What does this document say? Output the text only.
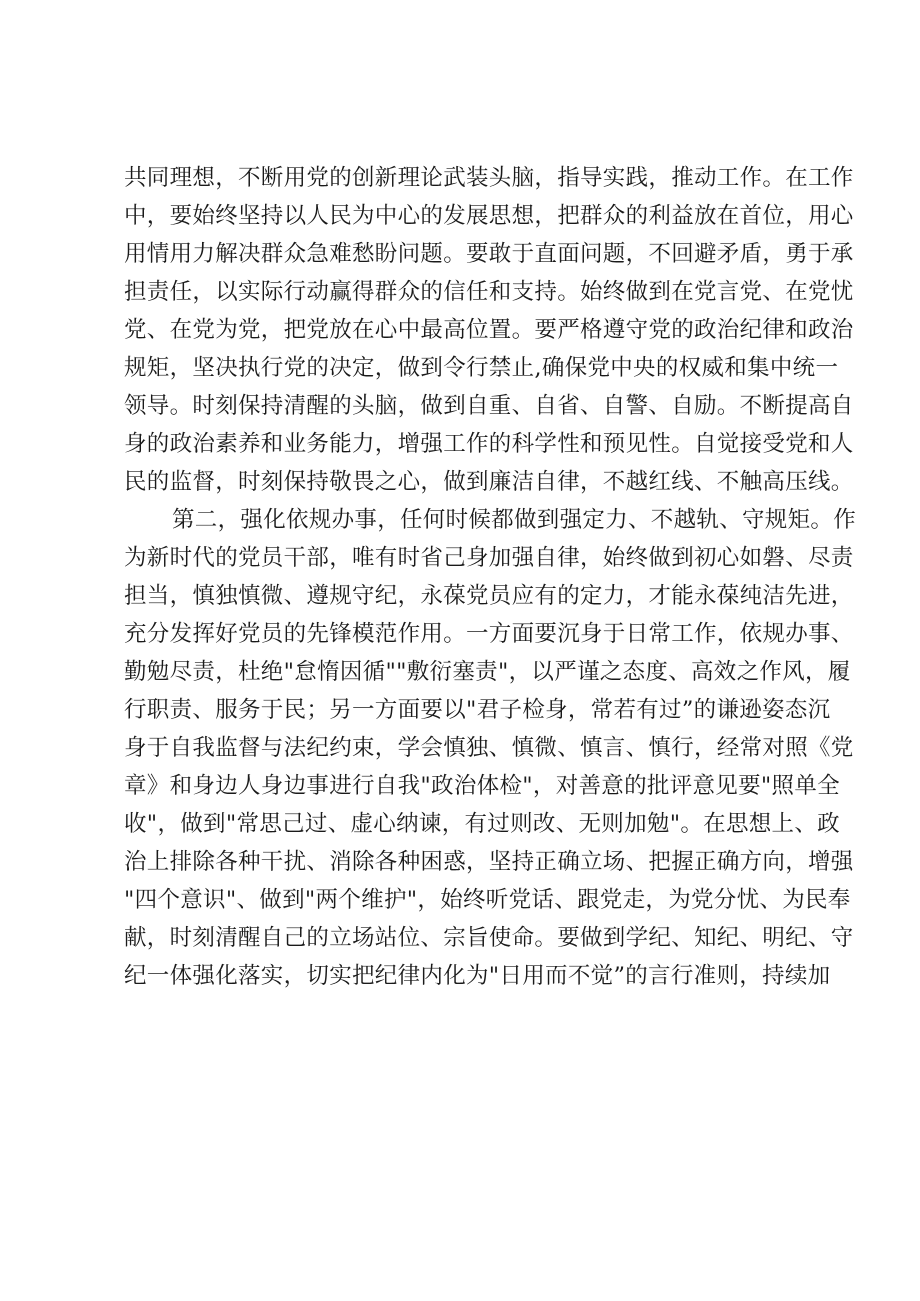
共同理想，不断用党的创新理论武装头脑，指导实践，推动工作。在工作
中，要始终坚持以人民为中心的发展思想，把群众的利益放在首位，用心
用情用力解决群众急难愁盼问题。要敢于直面问题，不回避矛盾，勇于承
担责任，以实际行动赢得群众的信任和支持。始终做到在党言党、在党忧
党、在党为党，把党放在心中最高位置。要严格遵守党的政治纪律和政治
规矩，坚决执行党的决定，做到令行禁止,确保党中央的权威和集中统一
领导。时刻保持清醒的头脑，做到自重、自省、自警、自励。不断提高自
身的政治素养和业务能力，增强工作的科学性和预见性。自觉接受党和人
民的监督，时刻保持敬畏之心，做到廉洁自律，不越红线、不触高压线。
第二，强化依规办事，任何时候都做到强定力、不越轨、守规矩。作
为新时代的党员干部，唯有时省己身加强自律，始终做到初心如磐、尽责
担当，慎独慎微、遵规守纪，永葆党员应有的定力，才能永葆纯洁先进，
充分发挥好党员的先锋模范作用。一方面要沉身于日常工作，依规办事、
勤勉尽责，杜绝"怠惰因循""敷衍塞责"，以严谨之态度、高效之作风，履
行职责、服务于民；另一方面要以"君子检身，常若有过”的谦逊姿态沉
身于自我监督与法纪约束，学会慎独、慎微、慎言、慎行，经常对照《党
章》和身边人身边事进行自我"政治体检"，对善意的批评意见要"照单全
收"，做到"常思己过、虚心纳谏，有过则改、无则加勉"。在思想上、政
治上排除各种干扰、消除各种困惑，坚持正确立场、把握正确方向，增强
"四个意识"、做到"两个维护"，始终听党话、跟党走，为党分忧、为民奉
献，时刻清醒自己的立场站位、宗旨使命。要做到学纪、知纪、明纪、守
纪一体强化落实，切实把纪律内化为"日用而不觉”的言行准则，持续加
